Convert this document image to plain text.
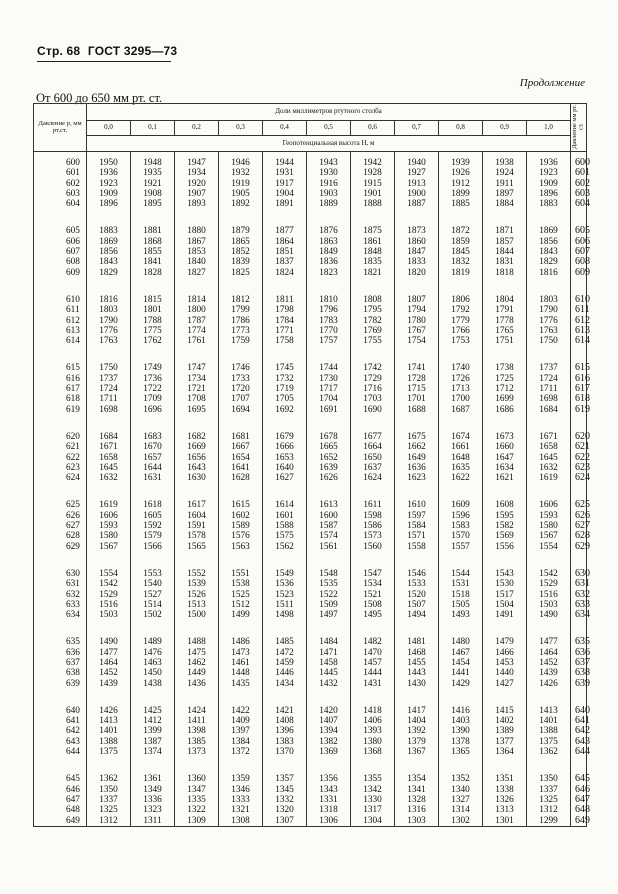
Стр. 68 ГОСТ 3295—73
Продолжение
От 600 до 650 мм рт. ст.
Давление p, мм рт.ст.	Доли миллиметров ртутного столба											Давление мм рт. ст.
	0,0	0,1	0,2	0,3	0,4	0,5	0,6	0,7	0,8	0,9	1,0	
	Геопотенциальная высота H, м											

600	1950	1948	1947	1946	1944	1943	1942	1940	1939	1938	1936	600
601	1936	1935	1934	1932	1931	1930	1928	1927	1926	1924	1923	601
602	1923	1921	1920	1919	1917	1916	1915	1913	1912	1911	1909	602
603	1909	1908	1907	1905	1904	1903	1901	1900	1899	1897	1896	603
604	1896	1895	1893	1892	1891	1889	1888	1887	1885	1884	1883	604

605	1883	1881	1880	1879	1877	1876	1875	1873	1872	1871	1869	605
606	1869	1868	1867	1865	1864	1863	1861	1860	1859	1857	1856	606
607	1856	1855	1853	1852	1851	1849	1848	1847	1845	1844	1843	607
608	1843	1841	1840	1839	1837	1836	1835	1833	1832	1831	1829	608
609	1829	1828	1827	1825	1824	1823	1821	1820	1819	1818	1816	609

610	1816	1815	1814	1812	1811	1810	1808	1807	1806	1804	1803	610
611	1803	1801	1800	1799	1798	1796	1795	1794	1792	1791	1790	611
612	1790	1788	1787	1786	1784	1783	1782	1780	1779	1778	1776	612
613	1776	1775	1774	1773	1771	1770	1769	1767	1766	1765	1763	613
614	1763	1762	1761	1759	1758	1757	1755	1754	1753	1751	1750	614

615	1750	1749	1747	1746	1745	1744	1742	1741	1740	1738	1737	615
616	1737	1736	1734	1733	1732	1730	1729	1728	1726	1725	1724	616
617	1724	1722	1721	1720	1719	1717	1716	1715	1713	1712	1711	617
618	1711	1709	1708	1707	1705	1704	1703	1701	1700	1699	1698	618
619	1698	1696	1695	1694	1692	1691	1690	1688	1687	1686	1684	619

620	1684	1683	1682	1681	1679	1678	1677	1675	1674	1673	1671	620
621	1671	1670	1669	1667	1666	1665	1664	1662	1661	1660	1658	621
622	1658	1657	1656	1654	1653	1652	1650	1649	1648	1647	1645	622
623	1645	1644	1643	1641	1640	1639	1637	1636	1635	1634	1632	623
624	1632	1631	1630	1628	1627	1626	1624	1623	1622	1621	1619	624

625	1619	1618	1617	1615	1614	1613	1611	1610	1609	1608	1606	625
626	1606	1605	1604	1602	1601	1600	1598	1597	1596	1595	1593	626
627	1593	1592	1591	1589	1588	1587	1586	1584	1583	1582	1580	627
628	1580	1579	1578	1576	1575	1574	1573	1571	1570	1569	1567	628
629	1567	1566	1565	1563	1562	1561	1560	1558	1557	1556	1554	629

630	1554	1553	1552	1551	1549	1548	1547	1546	1544	1543	1542	630
631	1542	1540	1539	1538	1536	1535	1534	1533	1531	1530	1529	631
632	1529	1527	1526	1525	1523	1522	1521	1520	1518	1517	1516	632
633	1516	1514	1513	1512	1511	1509	1508	1507	1505	1504	1503	633
634	1503	1502	1500	1499	1498	1497	1495	1494	1493	1491	1490	634

635	1490	1489	1488	1486	1485	1484	1482	1481	1480	1479	1477	635
636	1477	1476	1475	1473	1472	1471	1470	1468	1467	1466	1464	636
637	1464	1463	1462	1461	1459	1458	1457	1455	1454	1453	1452	637
638	1452	1450	1449	1448	1446	1445	1444	1443	1441	1440	1439	638
639	1439	1438	1436	1435	1434	1432	1431	1430	1429	1427	1426	639

640	1426	1425	1424	1422	1421	1420	1418	1417	1416	1415	1413	640
641	1413	1412	1411	1409	1408	1407	1406	1404	1403	1402	1401	641
642	1401	1399	1398	1397	1396	1394	1393	1392	1390	1389	1388	642
643	1388	1387	1385	1384	1383	1382	1380	1379	1378	1377	1375	643
644	1375	1374	1373	1372	1370	1369	1368	1367	1365	1364	1362	644

645	1362	1361	1360	1359	1357	1356	1355	1354	1352	1351	1350	645
646	1350	1349	1347	1346	1345	1343	1342	1341	1340	1338	1337	646
647	1337	1336	1335	1333	1332	1331	1330	1328	1327	1326	1325	647
648	1325	1323	1322	1321	1320	1318	1317	1316	1314	1313	1312	648
649	1312	1311	1309	1308	1307	1306	1304	1303	1302	1301	1299	649
